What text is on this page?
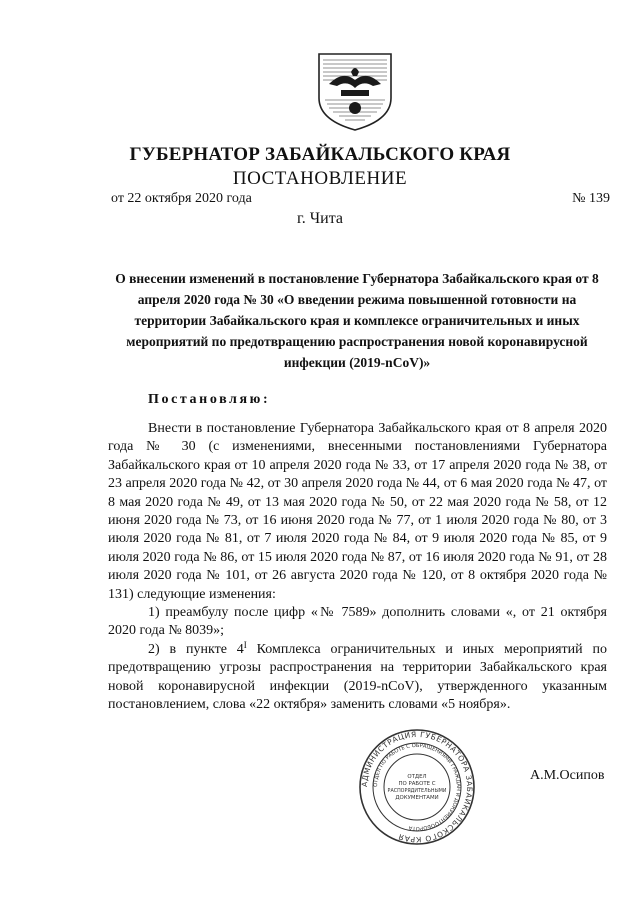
ГУБЕРНАТОР ЗАБАЙКАЛЬСКОГО КРАЯ
ПОСТАНОВЛЕНИЕ
от 22 октября 2020 года	№ 139
г. Чита
О внесении изменений в постановление Губернатора Забайкальского края от 8 апреля 2020 года № 30 «О введении режима повышенной готовности на территории Забайкальского края и комплексе ограничительных и иных мероприятий по предотвращению распространения новой коронавирусной инфекции (2019-nCoV)»
Постановляю:

Внести в постановление Губернатора Забайкальского края от 8 апреля 2020 года № 30 (с изменениями, внесенными постановлениями Губернатора Забайкальского края от 10 апреля 2020 года № 33, от 17 апреля 2020 года № 38, от 23 апреля 2020 года № 42, от 30 апреля 2020 года № 44, от 6 мая 2020 года № 47, от 8 мая 2020 года № 49, от 13 мая 2020 года № 50, от 22 мая 2020 года № 58, от 12 июня 2020 года № 73, от 16 июня 2020 года № 77, от 1 июля 2020 года № 80, от 3 июля 2020 года № 81, от 7 июля 2020 года № 84, от 9 июля 2020 года № 85, от 9 июля 2020 года № 86, от 15 июля 2020 года № 87, от 16 июля 2020 года № 91, от 28 июля 2020 года № 101, от 26 августа 2020 года № 120, от 8 октября 2020 года № 131) следующие изменения:

1) преамбулу после цифр «№ 7589» дополнить словами «, от 21 октября 2020 года № 8039»;

2) в пункте $4^I$ Комплекса ограничительных и иных мероприятий по предотвращению угрозы распространения на территории Забайкальского края новой коронавирусной инфекции (2019-nCoV), утвержденного указанным постановлением, слова «22 октября» заменить словами «5 ноября».

АДМИНИСТРАЦИЯ ГУБЕРНАТОРА ЗАБАЙКАЛЬСКОГО КРАЯ
ОТДЕЛ ПО РАБОТЕ С ОБРАЩЕНИЯМИ ГРАЖДАН И ДОКУМЕНТООБОРОТА
ОТДЕЛ
ПО РАБОТЕ С
РАСПОРЯДИТЕЛЬНЫМИ
ДОКУМЕНТАМИ
А.М.Осипов
